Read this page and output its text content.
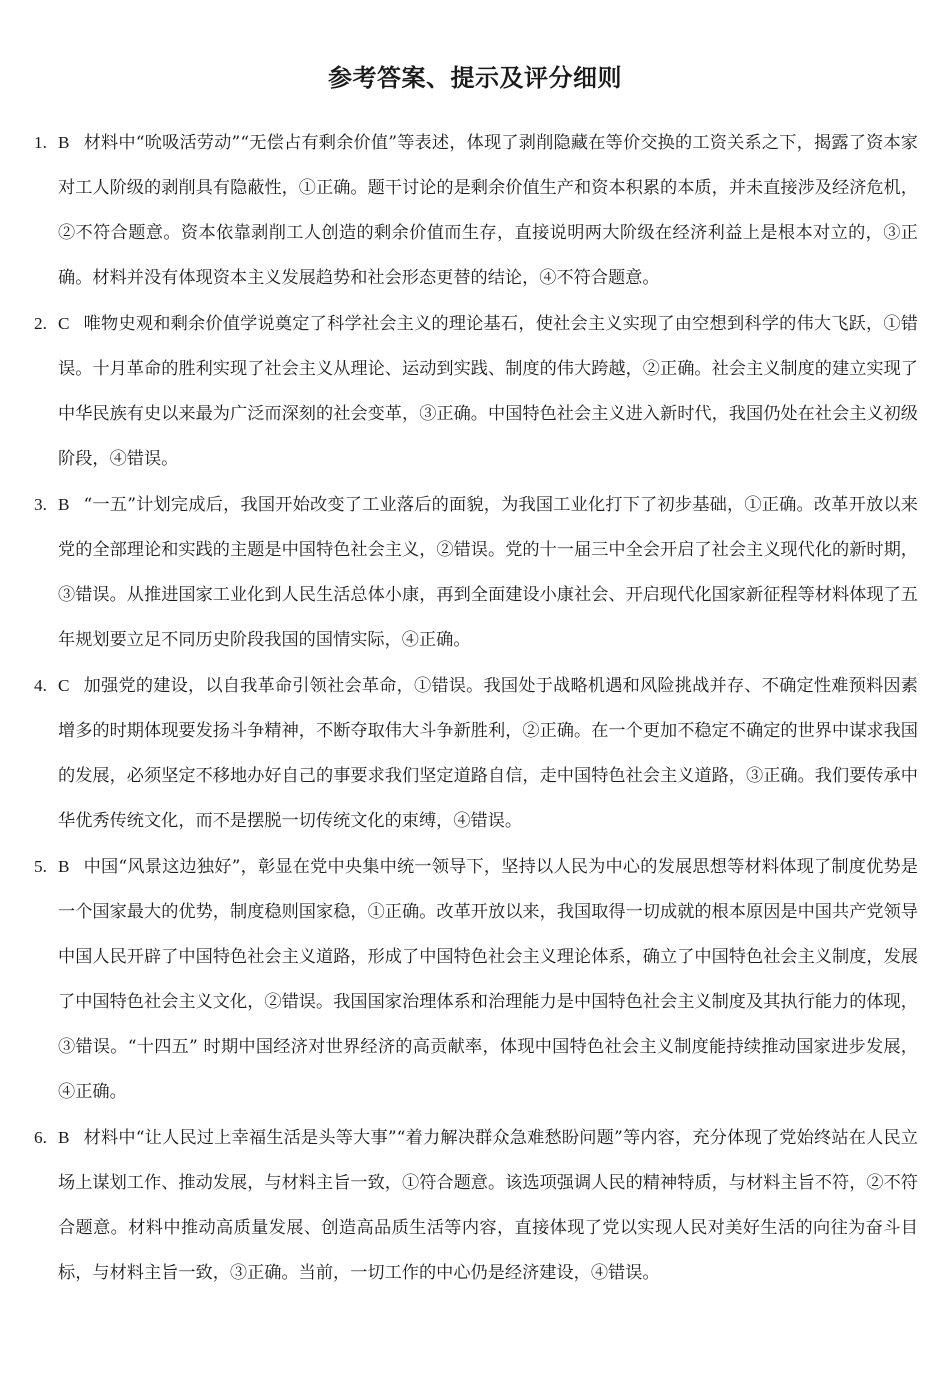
参考答案、提示及评分细则
1. B 材料中“吮吸活劳动”“无偿占有剩余价值”等表述，体现了剥削隐藏在等价交换的工资关系之下，揭露了资本家对工人阶级的剥削具有隐蔽性，①正确。题干讨论的是剩余价值生产和资本积累的本质，并未直接涉及经济危机，②不符合题意。资本依靠剥削工人创造的剩余价值而生存，直接说明两大阶级在经济利益上是根本对立的，③正确。材料并没有体现资本主义发展趋势和社会形态更替的结论，④不符合题意。
2. C 唯物史观和剩余价值学说奠定了科学社会主义的理论基石，使社会主义实现了由空想到科学的伟大飞跃，①错误。十月革命的胜利实现了社会主义从理论、运动到实践、制度的伟大跨越，②正确。社会主义制度的建立实现了中华民族有史以来最为广泛而深刻的社会变革，③正确。中国特色社会主义进入新时代，我国仍处在社会主义初级阶段，④错误。
3. B “一五”计划完成后，我国开始改变了工业落后的面貌，为我国工业化打下了初步基础，①正确。改革开放以来党的全部理论和实践的主题是中国特色社会主义，②错误。党的十一届三中全会开启了社会主义现代化的新时期，③错误。从推进国家工业化到人民生活总体小康，再到全面建设小康社会、开启现代化国家新征程等材料体现了五年规划要立足不同历史阶段我国的国情实际，④正确。
4. C 加强党的建设，以自我革命引领社会革命，①错误。我国处于战略机遇和风险挑战并存、不确定性难预料因素增多的时期体现要发扬斗争精神，不断夺取伟大斗争新胜利，②正确。在一个更加不稳定不确定的世界中谋求我国的发展，必须坚定不移地办好自己的事要求我们坚定道路自信，走中国特色社会主义道路，③正确。我们要传承中华优秀传统文化，而不是摆脱一切传统文化的束缚，④错误。
5. B 中国“风景这边独好”，彰显在党中央集中统一领导下，坚持以人民为中心的发展思想等材料体现了制度优势是一个国家最大的优势，制度稳则国家稳，①正确。改革开放以来，我国取得一切成就的根本原因是中国共产党领导中国人民开辟了中国特色社会主义道路，形成了中国特色社会主义理论体系，确立了中国特色社会主义制度，发展了中国特色社会主义文化，②错误。我国国家治理体系和治理能力是中国特色社会主义制度及其执行能力的体现，③错误。“十四五” 时期中国经济对世界经济的高贡献率，体现中国特色社会主义制度能持续推动国家进步发展，④正确。
6. B 材料中“让人民过上幸福生活是头等大事”“着力解决群众急难愁盼问题”等内容，充分体现了党始终站在人民立场上谋划工作、推动发展，与材料主旨一致，①符合题意。该选项强调人民的精神特质，与材料主旨不符，②不符合题意。材料中推动高质量发展、创造高品质生活等内容，直接体现了党以实现人民对美好生活的向往为奋斗目标，与材料主旨一致，③正确。当前，一切工作的中心仍是经济建设，④错误。
